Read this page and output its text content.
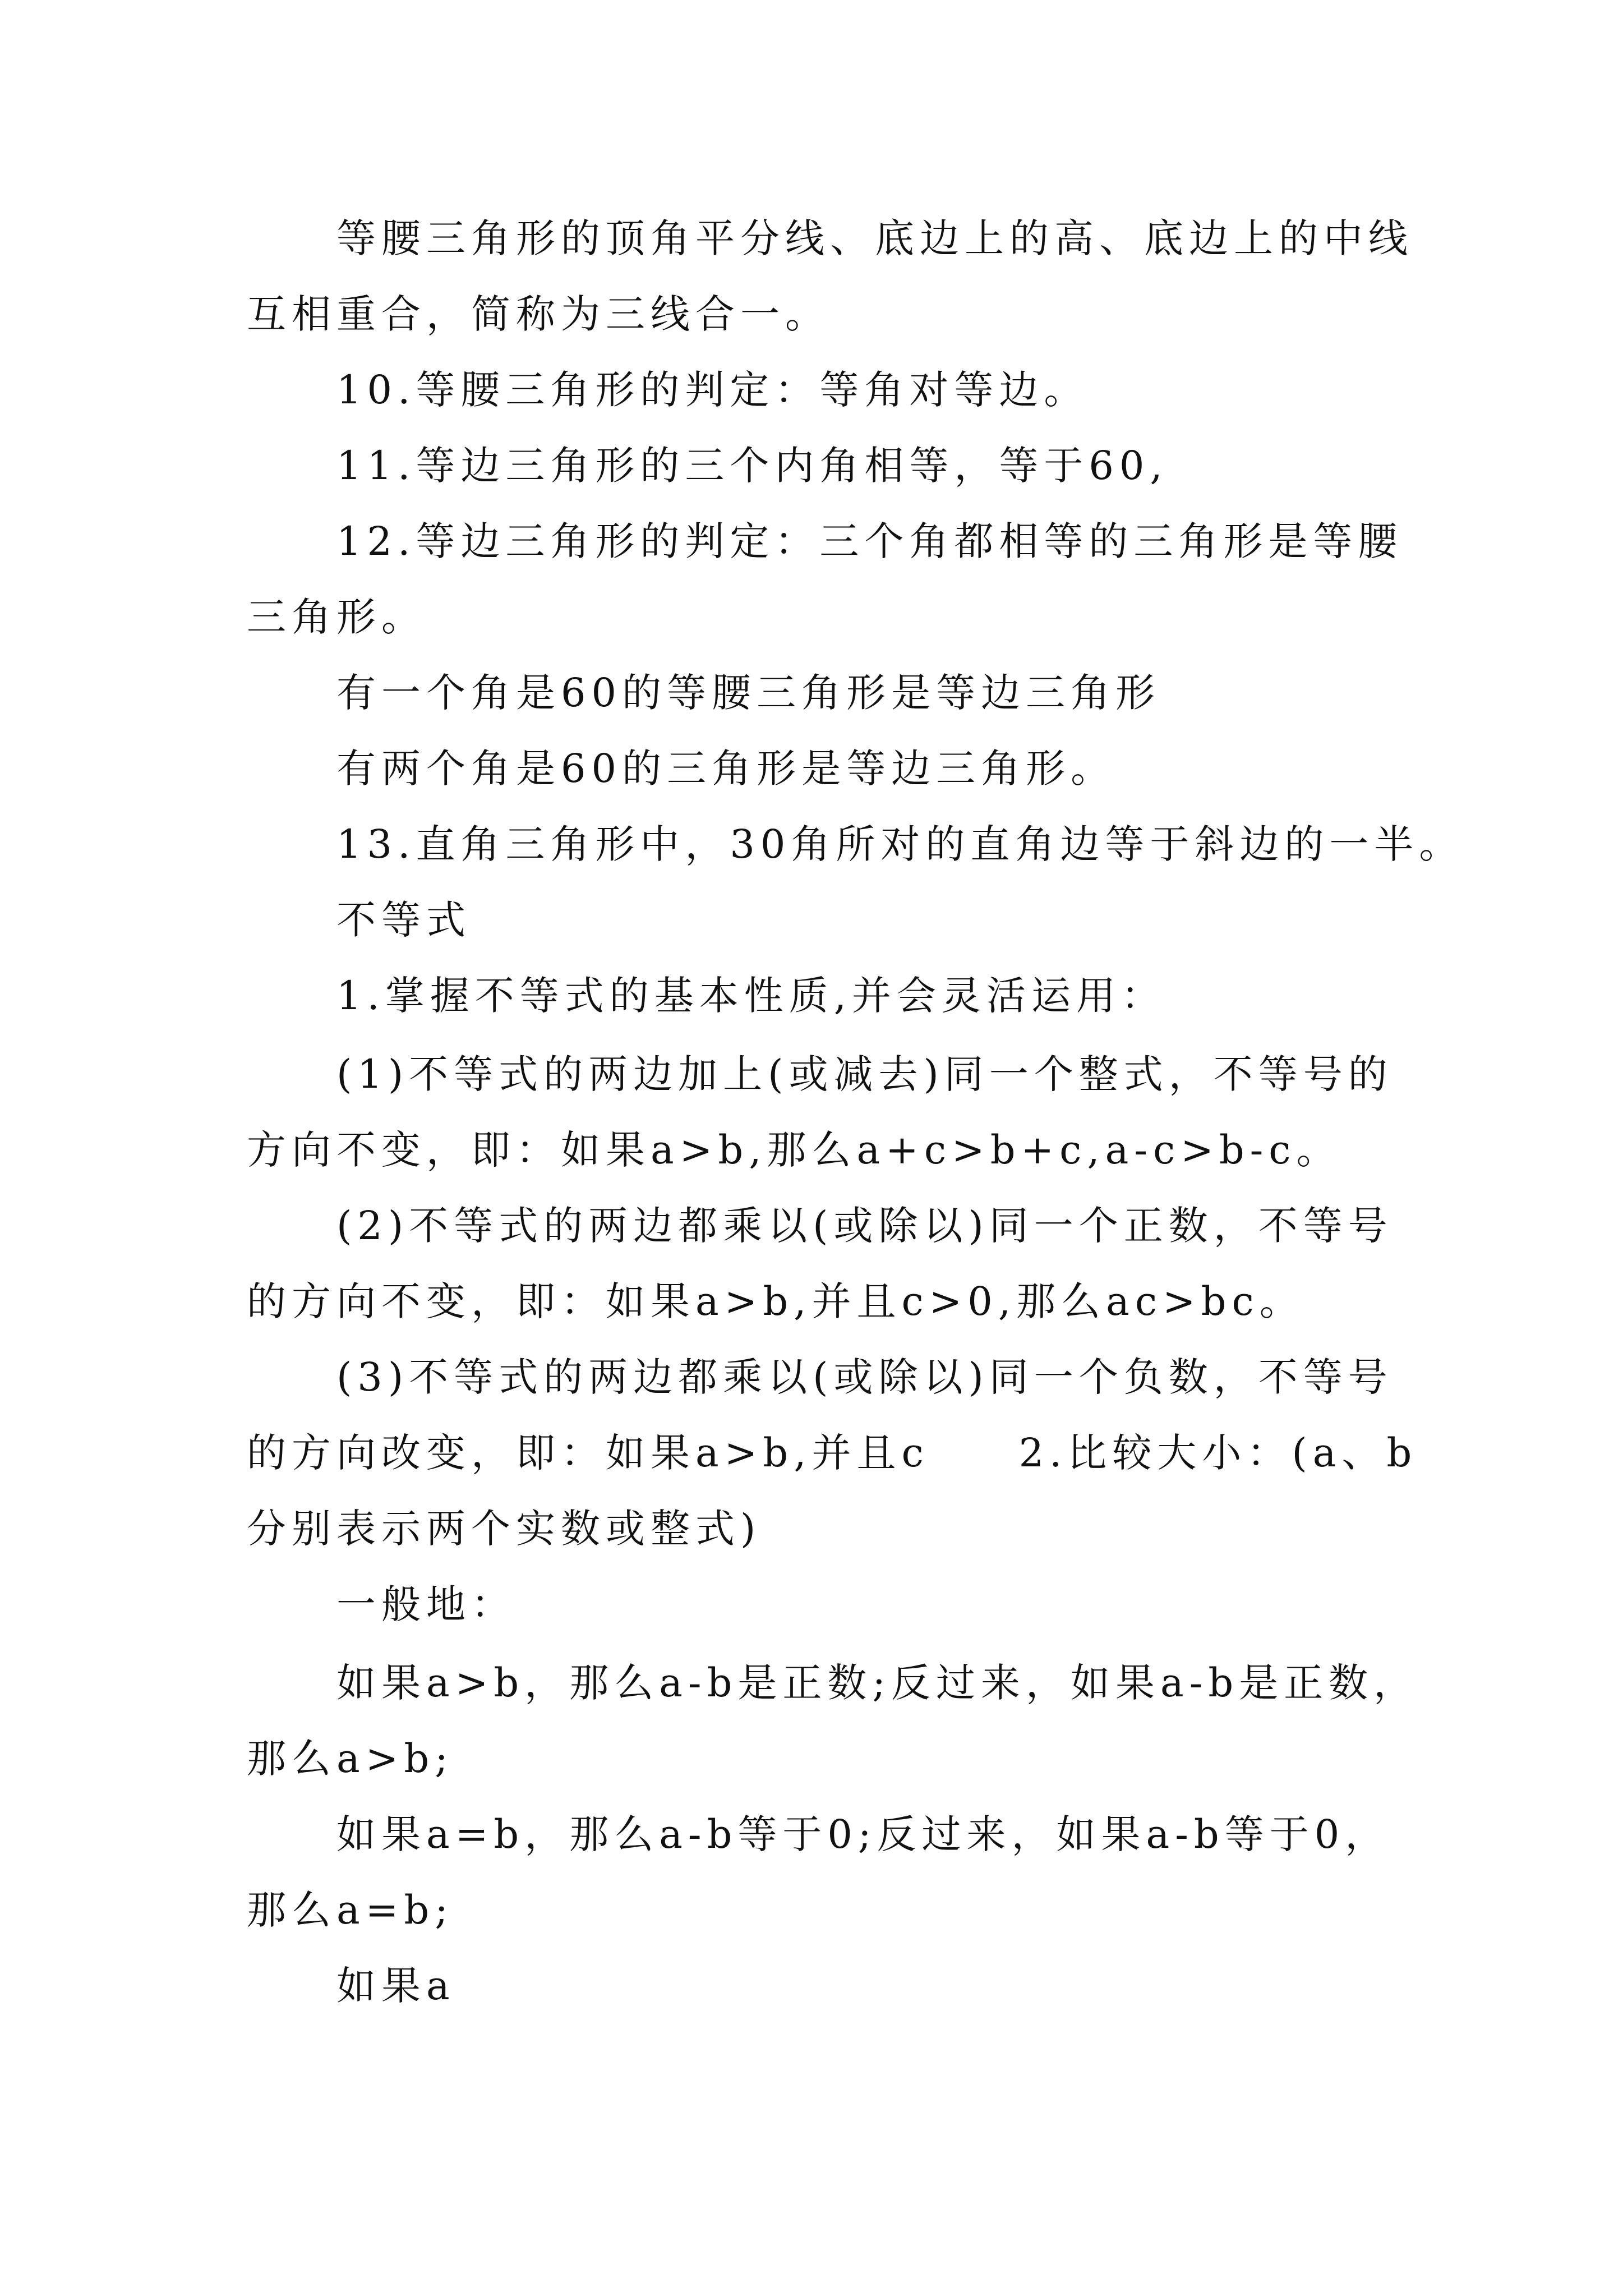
等腰三角形的顶角平分线、底边上的高、底边上的中线

互相重合，简称为三线合一。

10.等腰三角形的判定：等角对等边。

11.等边三角形的三个内角相等，等于60,

12.等边三角形的判定：三个角都相等的三角形是等腰

三角形。

有一个角是60的等腰三角形是等边三角形

有两个角是60的三角形是等边三角形。

13.直角三角形中，30角所对的直角边等于斜边的一半。

不等式

1.掌握不等式的基本性质,并会灵活运用：

(1)不等式的两边加上(或减去)同一个整式，不等号的

方向不变，即：如果a>b,那么a+c>b+c,a-c>b-c。

(2)不等式的两边都乘以(或除以)同一个正数，不等号

的方向不变，即：如果a>b,并且c>0,那么ac>bc。

(3)不等式的两边都乘以(或除以)同一个负数，不等号

的方向改变，即：如果a>b,并且c　　2.比较大小：(a、b

分别表示两个实数或整式)

一般地：

如果a>b，那么a-b是正数;反过来，如果a-b是正数，

那么a>b;

如果a=b，那么a-b等于0;反过来，如果a-b等于0，

那么a=b;

如果a
